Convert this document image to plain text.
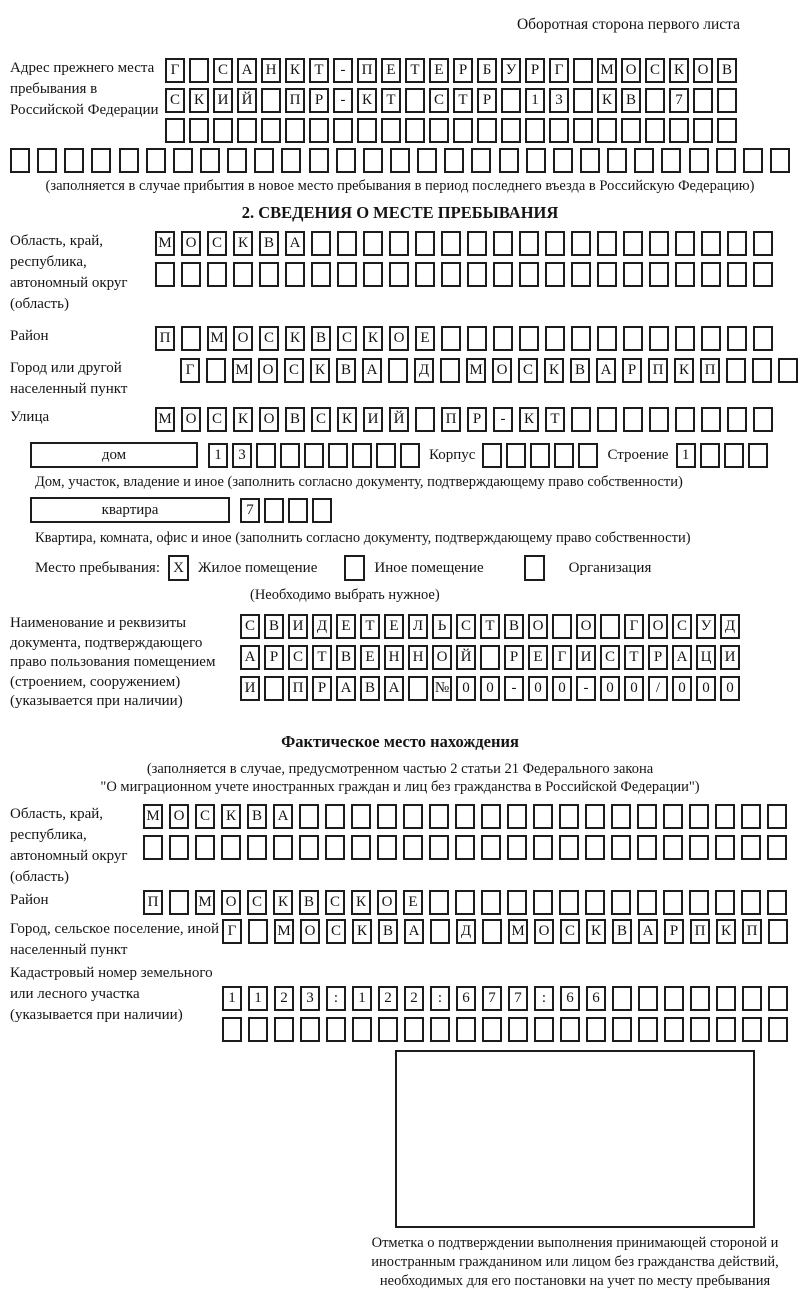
Оборотная сторона первого листа
Адрес прежнего места пребывания в Российской Федерации
Г	С А Н К Т	-	П Е Т Е	Р	Б У Р	Г	М О С К О В
С К И Й	П Р	-	К Т	С Т	Р	1	3	К В	7
(заполняется в случае прибытия в новое место пребывания в период последнего въезда в Российскую Федерацию)
2. СВЕДЕНИЯ О МЕСТЕ ПРЕБЫВАНИЯ
Область, край, республика, автономный округ (область)
М О	С	К	В	А
Район	П	М О	С	К	В	С	К	О	Е
Город или другой населенный пункт
Г	М О	С	К	В	А	Д	М О	С	К	В	А	Р	П	К	П
Улица	М О	С	К	О	В	С	К	И	Й	П	Р	-	К	Т
дом	1	3	Корпус	Строение 1
Дом, участок, владение и иное (заполнить согласно документу, подтверждающему право собственности)
квартира	7
Квартира, комната, офис и иное (заполнить согласно документу, подтверждающему право собственности)
Место пребывания: X Жилое помещение	Иное помещение	Организация
(Необходимо выбрать нужное)
Наименование и реквизиты документа, подтверждающего право пользования помещением (строением, сооружением) (указывается при наличии)
С В И Д Е Т Е Л Ь С Т В О	О	Г О С У Д
А Р С Т В Е Н Н О Й	Р	Е	Г И С Т	Р А Ц И
И	П Р А В А	№ 0	0	-	0	0	-	0	0	/	0	0	0
Фактическое место нахождения
(заполняется в случае, предусмотренном частью 2 статьи 21 Федерального закона
"О миграционном учете иностранных граждан и лиц без гражданства в Российской Федерации")
Область, край, республика, автономный округ (область)
М О	С	К	В	А
Район	П	М О	С	К	В	С	К	О	Е
Город, сельское поселение, иной населенный пункт
Г	М О	С	К	В	А	Д	М О	С	К	В	А	Р	П	К	П
Кадастровый номер земельного или лесного участка (указывается при наличии)
1	1	2	3	:	1	2	2	:	6	7	7	:	6	6
Отметка о подтверждении выполнения принимающей стороной и иностранным гражданином или лицом без гражданства действий, необходимых для его постановки на учет по месту пребывания
